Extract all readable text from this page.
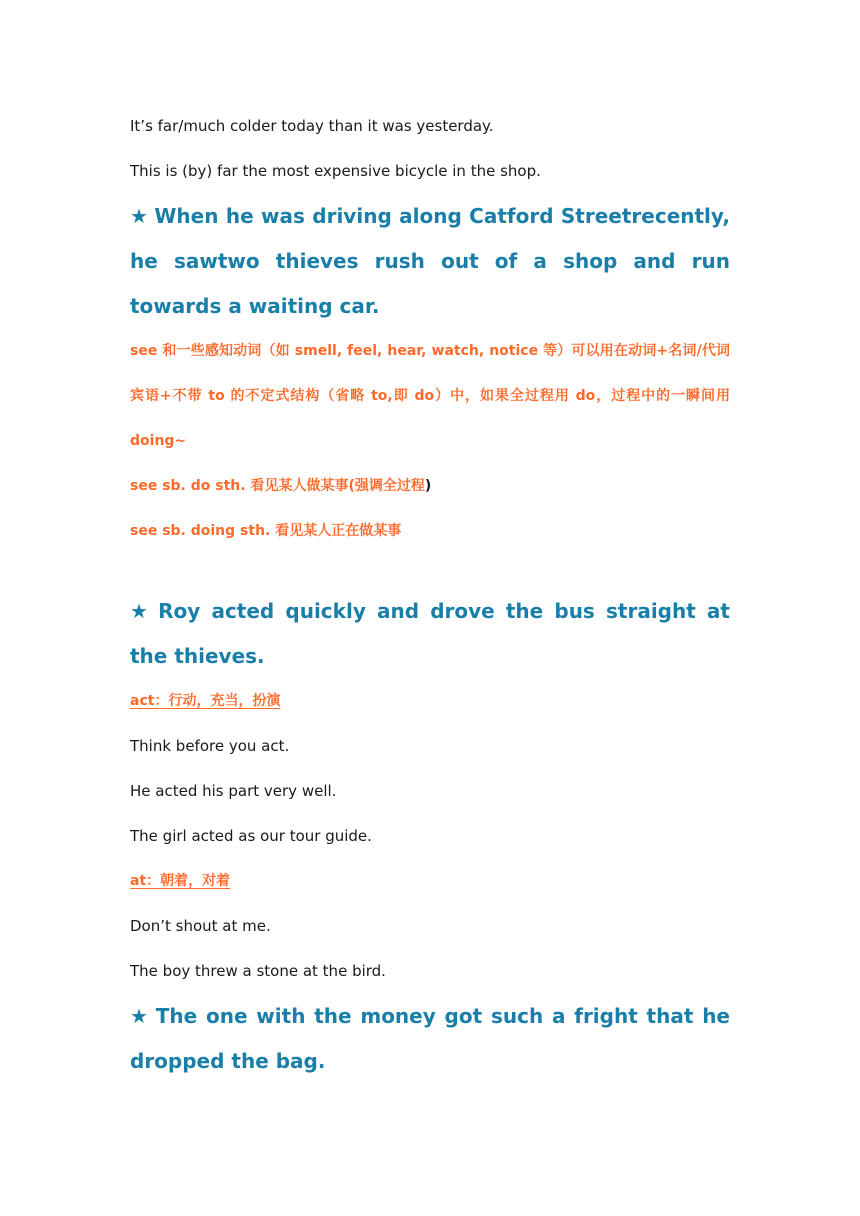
It’s far/much colder today than it was yesterday.
This is (by) far the most expensive bicycle in the shop.
★ When he was driving along Catford Streetrecently, he sawtwo thieves rush out of a shop and run towards a waiting car.
see 和一些感知动词（如 smell, feel, hear, watch, notice 等）可以用在动词+名词/代词宾语+不带 to 的不定式结构（省略 to,即 do）中，如果全过程用 do，过程中的一瞬间用 doing~
see sb. do sth. 看见某人做某事(强调全过程)
see sb. doing sth. 看见某人正在做某事
★ Roy acted quickly and drove the bus straight at the thieves.
act：行动，充当，扮演
Think before you act.
He acted his part very well.
The girl acted as our tour guide.
at：朝着，对着
Don’t shout at me.
The boy threw a stone at the bird.
★ The one with the money got such a fright that he dropped the bag.
